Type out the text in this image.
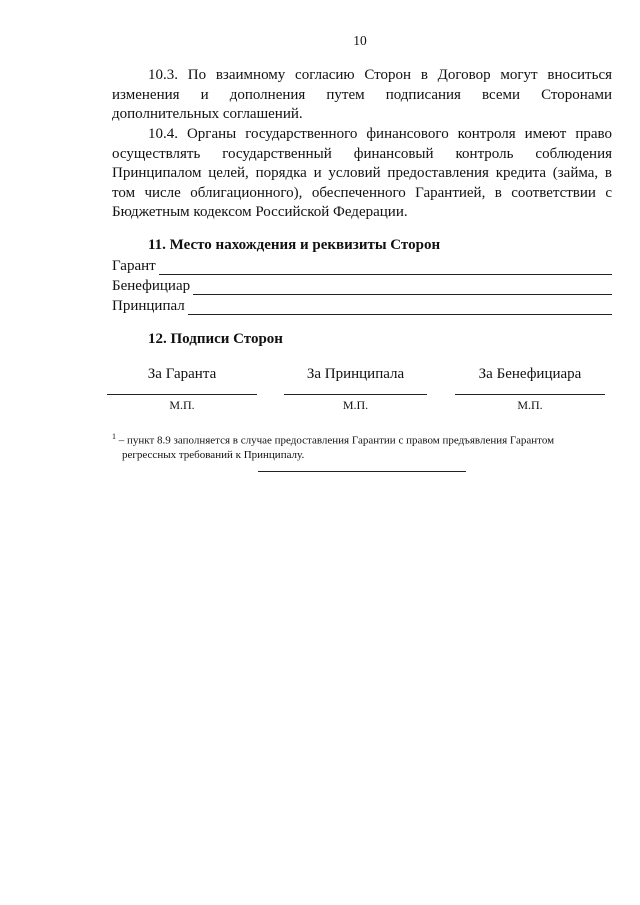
10
10.3. По взаимному согласию Сторон в Договор могут вноситься изменения и дополнения путем подписания всеми Сторонами дополнительных соглашений.
10.4. Органы государственного финансового контроля имеют право осуществлять государственный финансовый контроль соблюдения Принципалом целей, порядка и условий предоставления кредита (займа, в том числе облигационного), обеспеченного Гарантией, в соответствии с Бюджетным кодексом Российской Федерации.
11. Место нахождения и реквизиты Сторон
Гарант
Бенефициар
Принципал
12. Подписи Сторон
За Гаранта
М.П.
За Принципала
М.П.
За Бенефициара
М.П.
$^1$ – пункт 8.9 заполняется в случае предоставления Гарантии с правом предъявления Гарантом
регрессных требований к Принципалу.
